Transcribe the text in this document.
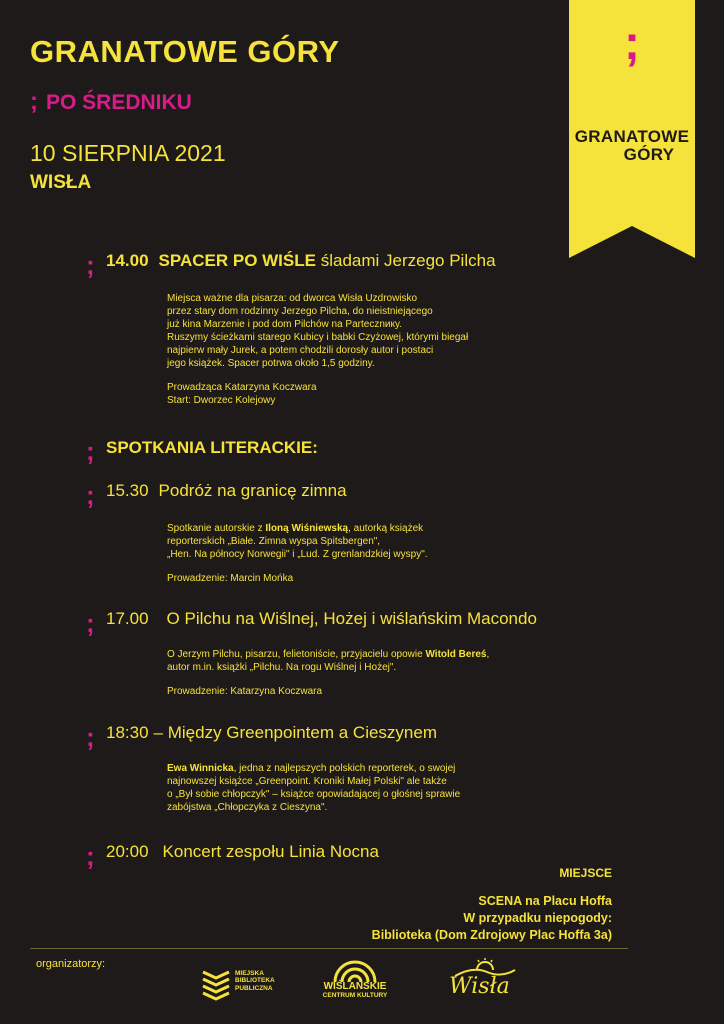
GRANATOWE GÓRY
; PO ŚREDNIKU
10 SIERPNIA 2021
WISŁA
;
GRANATOWE
GÓRY
; 14.00 SPACER PO WIŚLE śladami Jerzego Pilcha

Miejsca ważne dla pisarza: od dworca Wisła Uzdrowisko

przez stary dom rodzinny Jerzego Pilcha, do nieistniejącego

już kina Marzenie i pod dom Pilchów na Partecznику.

Ruszymy ścieżkami starego Kubicy i babki Czyżowej, którymi biegał

najpierw mały Jurek, a potem chodzili dorosły autor i postaci

jego książek. Spacer potrwa około 1,5 godziny.

Prowadząca Katarzyna Koczwara

Start: Dworzec Kolejowy

; SPOTKANIA LITERACKIE:
; 15.30 Podróż na granicę zimna

Spotkanie autorskie z Iloną Wiśniewską, autorką książek

reporterskich „Białe. Zimna wyspa Spitsbergen",

„Hen. Na północy Norwegii" i „Lud. Z grenlandzkiej wyspy".

Prowadzenie: Marcin Mońka

; 17.00 O Pilchu na Wiślnej, Hożej i wiślańskim Macondo

O Jerzym Pilchu, pisarzu, felietoniście, przyjacielu opowie Witold Bereś,

autor m.in. książki „Pilchu. Na rogu Wiślnej i Hożej".

Prowadzenie: Katarzyna Koczwara

; 18:30 – Między Greenpointem a Cieszynem

Ewa Winnicka, jedna z najlepszych polskich reporterek, o swojej

najnowszej książce „Greenpoint. Kroniki Małej Polski" ale także

o „Był sobie chłopczyk" – książce opowiadającej o głośnej sprawie

zabójstwa „Chłopczyka z Cieszyna".

; 20:00 Koncert zespołu Linia Nocna
MIEJSCE
SCENA na Placu Hoffa
W przypadku niepogody:
Biblioteka (Dom Zdrojowy Plac Hoffa 3a)
organizatorzy:
MIEJSKA
BIBLIOTEKA
PUBLICZNA	WIŚLAŃSKIE
CENTRUM KULTURY	Wisła
